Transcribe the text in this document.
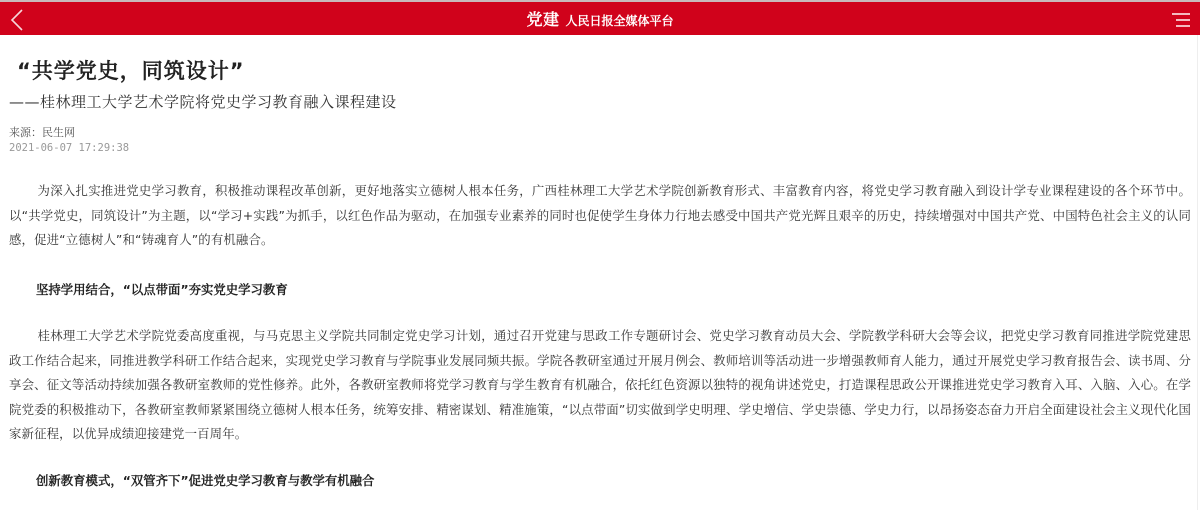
党建 人民日报全媒体平台
“共学党史，同筑设计”
——桂林理工大学艺术学院将党史学习教育融入课程建设
来源：民生网
2021-06-07 17:29:38

为深入扎实推进党史学习教育，积极推动课程改革创新，更好地落实立德树人根本任务，广西桂林理工大学艺术学院创新教育形式、丰富教育内容，将党史学习教育融入到设计学专业课程建设的各个环节中。以“共学党史，同筑设计”为主题，以“学习+实践”为抓手，以红色作品为驱动，在加强专业素养的同时也促使学生身体力行地去感受中国共产党光辉且艰辛的历史，持续增强对中国共产党、中国特色社会主义的认同感，促进“立德树人”和“铸魂育人”的有机融合。

坚持学用结合，“以点带面”夯实党史学习教育

桂林理工大学艺术学院党委高度重视，与马克思主义学院共同制定党史学习计划，通过召开党建与思政工作专题研讨会、党史学习教育动员大会、学院教学科研大会等会议，把党史学习教育同推进学院党建思政工作结合起来，同推进教学科研工作结合起来，实现党史学习教育与学院事业发展同频共振。学院各教研室通过开展月例会、教师培训等活动进一步增强教师育人能力，通过开展党史学习教育报告会、读书周、分享会、征文等活动持续加强各教研室教师的党性修养。此外，各教研室教师将党学习教育与学生教育有机融合，依托红色资源以独特的视角讲述党史，打造课程思政公开课推进党史学习教育入耳、入脑、入心。在学院党委的积极推动下，各教研室教师紧紧围绕立德树人根本任务，统筹安排、精密谋划、精准施策，“以点带面”切实做到学史明理、学史增信、学史崇德、学史力行，以昂扬姿态奋力开启全面建设社会主义现代化国家新征程，以优异成绩迎接建党一百周年。

创新教育模式，“双管齐下”促进党史学习教育与教学有机融合
